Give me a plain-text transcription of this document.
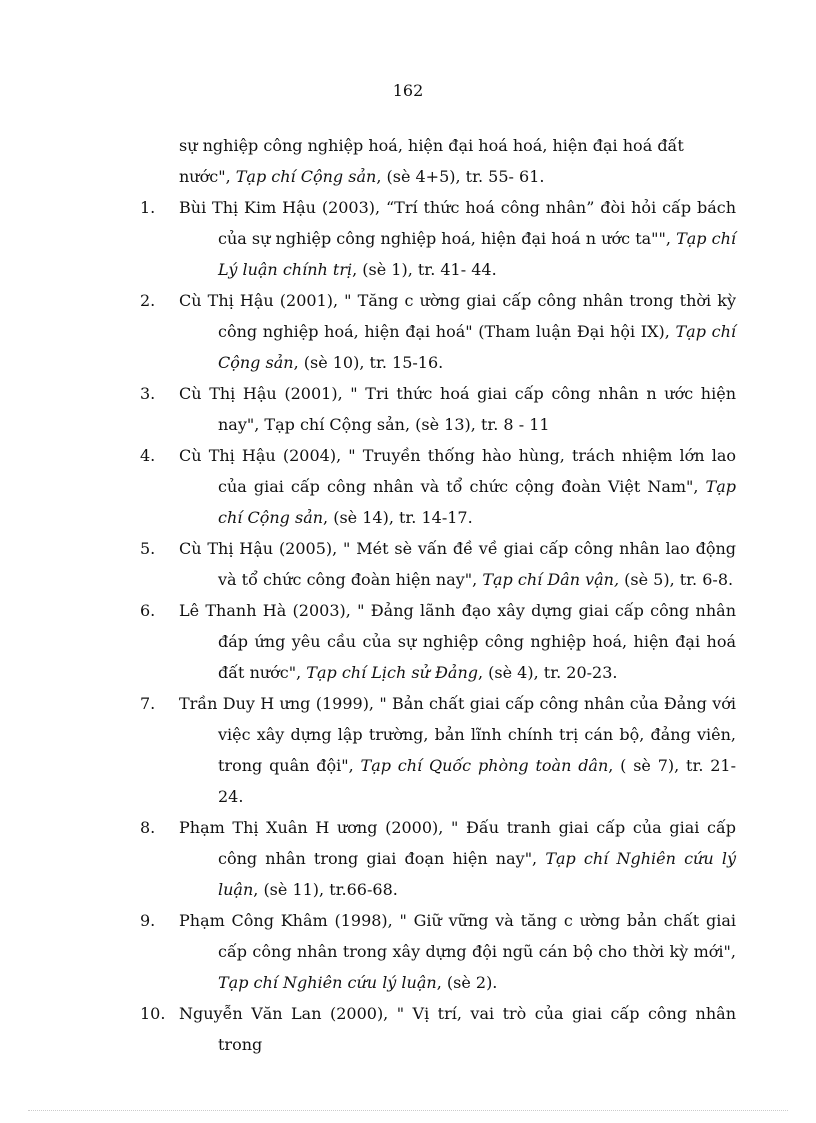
162
sự nghiệp công nghiệp hoá, hiện đại hoá hoá, hiện đại hoá đất
nước", Tạp chí Cộng sản, (sè 4+5), tr. 55- 61.
1. Bùi Thị Kim Hậu (2003), “Trí thức hoá công nhân” đòi hỏi cấp bách của sự nghiệp công nghiệp hoá, hiện đại hoá n ước ta"", Tạp chí Lý luận chính trị, (sè 1), tr. 41- 44.
2. Cù Thị Hậu (2001), " Tăng c ường giai cấp công nhân trong thời kỳ công nghiệp hoá, hiện đại hoá" (Tham luận Đại hội IX), Tạp chí Cộng sản, (sè 10), tr. 15-16.
3. Cù Thị Hậu (2001), " Tri thức hoá giai cấp công nhân n ước hiện nay", Tạp chí Cộng sản, (sè 13), tr. 8 - 11
4. Cù Thị Hậu (2004), " Truyền thống hào hùng, trách nhiệm lớn lao của giai cấp công nhân và tổ chức cộng đoàn Việt Nam", Tạp chí Cộng sản, (sè 14), tr. 14-17.
5. Cù Thị Hậu (2005), " Mét sè vấn đề về giai cấp công nhân lao động và tổ chức công đoàn hiện nay", Tạp chí Dân vận, (sè 5), tr. 6-8.
6. Lê Thanh Hà (2003), " Đảng lãnh đạo xây dựng giai cấp công nhân đáp ứng yêu cầu của sự nghiệp công nghiệp hoá, hiện đại hoá đất nước", Tạp chí Lịch sử Đảng, (sè 4), tr. 20-23.
7. Trần Duy H ưng (1999), " Bản chất giai cấp công nhân của Đảng với việc xây dựng lập trường, bản lĩnh chính trị cán bộ, đảng viên, trong quân đội", Tạp chí Quốc phòng toàn dân, ( sè 7), tr. 21-24.
8. Phạm Thị Xuân H ương (2000), " Đấu tranh giai cấp của giai cấp công nhân trong giai đoạn hiện nay", Tạp chí Nghiên cứu lý luận, (sè 11), tr.66-68.
9. Phạm Công Khâm (1998), " Giữ vững và tăng c ường bản chất giai cấp công nhân trong xây dựng đội ngũ cán bộ cho thời kỳ mới", Tạp chí Nghiên cứu lý luận, (sè 2).
10. Nguyễn Văn Lan (2000), " Vị trí, vai trò của giai cấp công nhân trong
